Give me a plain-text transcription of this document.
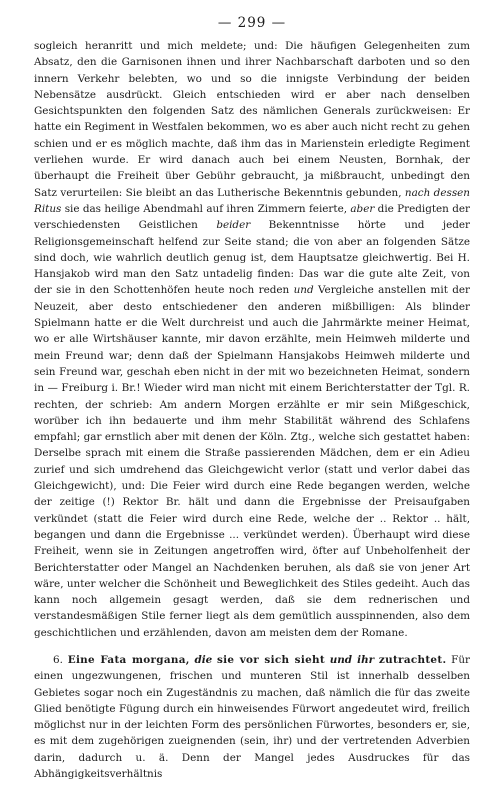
— 299 —

sogleich heranritt und mich meldete; und: Die häufigen Gelegenheiten zum Absatz, den die Garnisonen ihnen und ihrer Nachbarschaft darboten und so den innern Verkehr belebten, wo und so die innigste Verbindung der beiden Nebensätze ausdrückt. Gleich entschieden wird er aber nach denselben Gesichtspunkten den folgenden Satz des nämlichen Generals zurückweisen: Er hatte ein Regiment in Westfalen bekommen, wo es aber auch nicht recht zu gehen schien und er es möglich machte, daß ihm das in Marienstein erledigte Regiment verliehen wurde. Er wird danach auch bei einem Neusten, Bornhak, der überhaupt die Freiheit über Gebühr gebraucht, ja mißbraucht, unbedingt den Satz verurteilen: Sie bleibt an das Lutherische Bekenntnis gebunden, nach dessen Ritus sie das heilige Abendmahl auf ihren Zimmern feierte, aber die Predigten der verschiedensten Geistlichen beider Bekenntnisse hörte und jeder Religionsgemeinschaft helfend zur Seite stand; die von aber an folgenden Sätze sind doch, wie wahrlich deutlich genug ist, dem Hauptsatze gleichwertig. Bei H. Hansjakob wird man den Satz untadelig finden: Das war die gute alte Zeit, von der sie in den Schottenhöfen heute noch reden und Vergleiche anstellen mit der Neuzeit, aber desto entschiedener den anderen mißbilligen: Als blinder Spielmann hatte er die Welt durchreist und auch die Jahrmärkte meiner Heimat, wo er alle Wirtshäuser kannte, mir davon erzählte, mein Heimweh milderte und mein Freund war; denn daß der Spielmann Hansjakobs Heimweh milderte und sein Freund war, geschah eben nicht in der mit wo bezeichneten Heimat, sondern in — Freiburg i. Br.! Wieder wird man nicht mit einem Berichterstatter der Tgl. R. rechten, der schrieb: Am andern Morgen erzählte er mir sein Mißgeschick, worüber ich ihn bedauerte und ihm mehr Stabilität während des Schlafens empfahl; gar ernstlich aber mit denen der Köln. Ztg., welche sich gestattet haben: Derselbe sprach mit einem die Straße passierenden Mädchen, dem er ein Adieu zurief und sich umdrehend das Gleichgewicht verlor (statt und verlor dabei das Gleichgewicht), und: Die Feier wird durch eine Rede begangen werden, welche der zeitige (!) Rektor Br. hält und dann die Ergebnisse der Preisaufgaben verkündet (statt die Feier wird durch eine Rede, welche der .. Rektor .. hält, begangen und dann die Ergebnisse ... verkündet werden). Überhaupt wird diese Freiheit, wenn sie in Zeitungen angetroffen wird, öfter auf Unbeholfenheit der Berichterstatter oder Mangel an Nachdenken beruhen, als daß sie von jener Art wäre, unter welcher die Schönheit und Beweglichkeit des Stiles gedeiht. Auch das kann noch allgemein gesagt werden, daß sie dem rednerischen und verstandesmäßigen Stile ferner liegt als dem gemütlich ausspinnenden, also dem geschichtlichen und erzählenden, davon am meisten dem der Romane.

6. Eine Fata morgana, die sie vor sich sieht und ihr zutrachtet. Für einen ungezwungenen, frischen und munteren Stil ist innerhalb desselben Gebietes sogar noch ein Zugeständnis zu machen, daß nämlich die für das zweite Glied benötigte Fügung durch ein hinweisendes Fürwort angedeutet wird, freilich möglichst nur in der leichten Form des persönlichen Fürwortes, besonders er, sie, es mit dem zugehörigen zueignenden (sein, ihr) und der vertretenden Adverbien darin, dadurch u. ä. Denn der Mangel jedes Ausdruckes für das Abhängigkeitsverhältnis
